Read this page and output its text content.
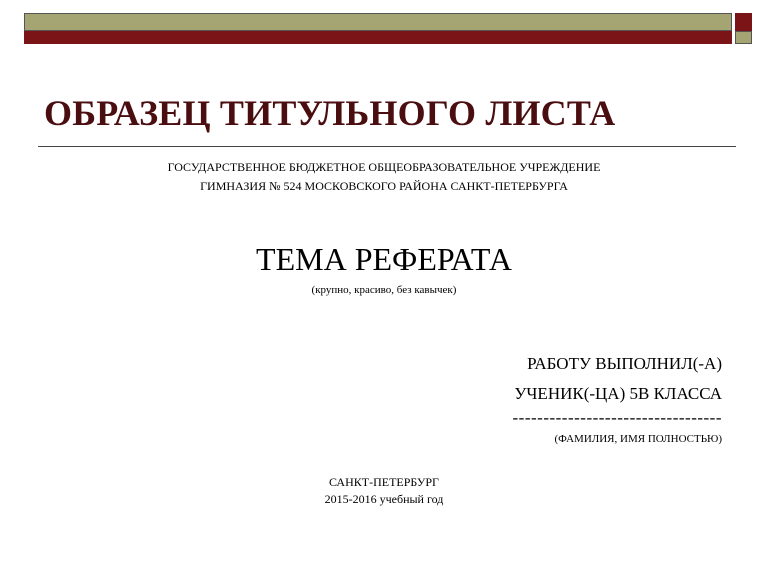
ОБРАЗЕЦ ТИТУЛЬНОГО ЛИСТА
ГОСУДАРСТВЕННОЕ БЮДЖЕТНОЕ ОБЩЕОБРАЗОВАТЕЛЬНОЕ УЧРЕЖДЕНИЕ
ГИМНАЗИЯ № 524 МОСКОВСКОГО РАЙОНА САНКТ-ПЕТЕРБУРГА
ТЕМА РЕФЕРАТА
(крупно, красиво, без кавычек)
РАБОТУ ВЫПОЛНИЛ(-А)
УЧЕНИК(-ЦА) 5В КЛАССА
----------------------------------
(ФАМИЛИЯ, ИМЯ ПОЛНОСТЬЮ)
САНКТ-ПЕТЕРБУРГ
2015-2016 учебный год
